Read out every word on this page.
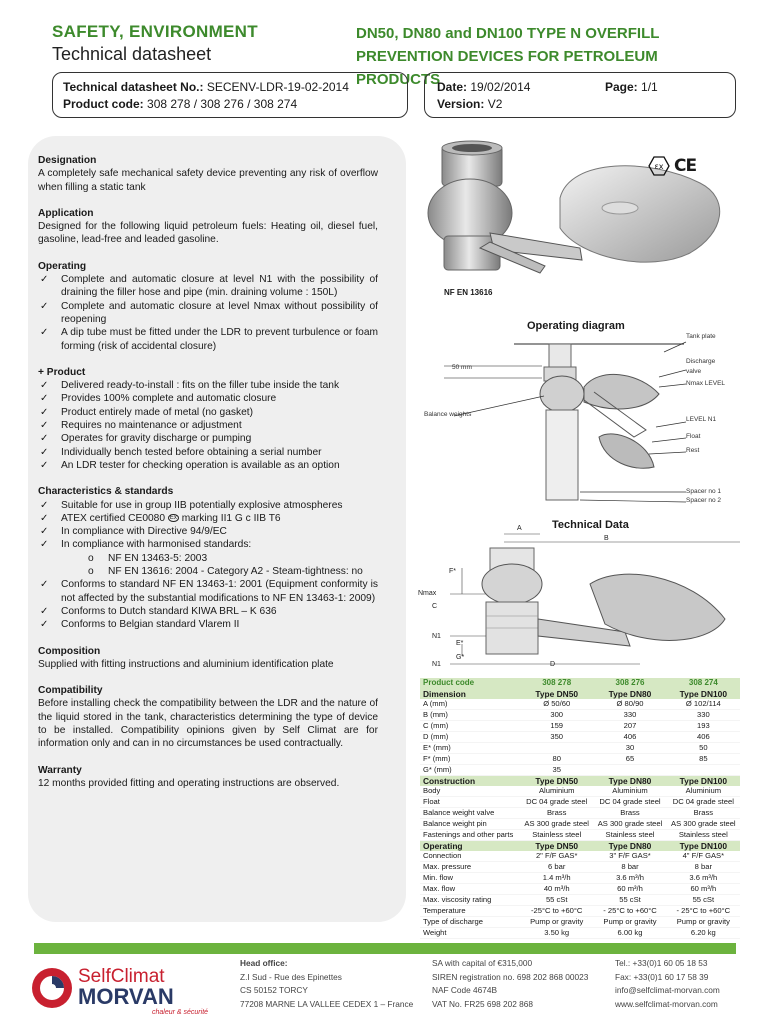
SAFETY, ENVIRONMENT
Technical datasheet
DN50, DN80 and DN100 TYPE N OVERFILL
PREVENTION DEVICES FOR PETROLEUM PRODUCTS
Technical datasheet No.: SECENV-LDR-19-02-2014
Product code: 308 278 / 308 276 / 308 274
Date: 19/02/2014	Page: 1/1
Version: V2
Designation
A completely safe mechanical safety device preventing any risk of overflow when filling a static tank
Application
Designed for the following liquid petroleum fuels: Heating oil, diesel fuel, gasoline, lead-free and leaded gasoline.
Operating
✓ Complete and automatic closure at level N1 with the possibility of draining the filler hose and pipe (min. draining volume : 150L)
✓ Complete and automatic closure at level Nmax without possibility of reopening
✓ A dip tube must be fitted under the LDR to prevent turbulence or foam forming (risk of accidental closure)
+ Product
✓ Delivered ready-to-install : fits on the filler tube inside the tank
✓ Provides 100% complete and automatic closure
✓ Product entirely made of metal (no gasket)
✓ Requires no maintenance or adjustment
✓ Operates for gravity discharge or pumping
✓ Individually bench tested before obtaining a serial number
✓ An LDR tester for checking operation is available as an option
Characteristics & standards
✓ Suitable for use in group IIB potentially explosive atmospheres
✓ ATEX certified CE0080 Ex marking II1 G c IIB T6
✓ In compliance with Directive 94/9/EC
✓ In compliance with harmonised standards:
o NF EN 13463-5: 2003
o NF EN 13616: 2004 - Category A2 - Steam-tightness: no
✓ Conforms to standard NF EN 13463-1: 2001 (Equipment conformity is not affected by the substantial modifications to NF EN 13463-1: 2009)
✓ Conforms to Dutch standard KIWA BRL – K 636
✓ Conforms to Belgian standard Vlarem II
Composition
Supplied with fitting instructions and aluminium identification plate
Compatibility
Before installing check the compatibility between the LDR and the nature of the liquid stored in the tank, characteristics determining the type of device to be installed. Compatibility opinions given by Self Climat are for information only and can in no circumstances be used contractually.
Warranty
12 months provided fitting and operating instructions are observed.
εx CE
NF EN 13616
Operating diagram
Tank plate
Discharge
valve
Nmax LEVEL
LEVEL N1
Float
Rest
Spacer no 1
Spacer no 2
50 mm
Balance weights
Technical Data
A
B
F*
Nmax
C
N1
E*
G*
D
N1
Product code	308 278	308 276	308 274
Dimension	Type DN50	Type DN80	Type DN100
A (mm)	Ø 50/60	Ø 80/90	Ø 102/114
B (mm)	300	330	330
C (mm)	159	207	193
D (mm)	350	406	406
E* (mm)		30	50
F* (mm)	80	65	85
G* (mm)	35		
Construction	Type DN50	Type DN80	Type DN100
Body	Aluminium	Aluminium	Aluminium
Float	DC 04 grade steel	DC 04 grade steel	DC 04 grade steel
Balance weight valve	Brass	Brass	Brass
Balance weight pin	AS 300 grade steel	AS 300 grade steel	AS 300 grade steel
Fastenings and other parts	Stainless steel	Stainless steel	Stainless steel
Operating	Type DN50	Type DN80	Type DN100
Connection	2" F/F GAS*	3" F/F GAS*	4" F/F GAS*
Max. pressure	6 bar	8 bar	8 bar
Min. flow	1.4 m³/h	3.6 m³/h	3.6 m³/h
Max. flow	40 m³/h	60 m³/h	60 m³/h
Max. viscosity rating	55 cSt	55 cSt	55 cSt
Temperature	-25°C to +60°C	- 25°C to +60°C	- 25°C to +60°C
Type of discharge	Pump or gravity	Pump or gravity	Pump or gravity
Weight	3.50 kg	6.00 kg	6.20 kg
SelfClimat
MORVAN
chaleur & sécurité
Head office:
Z.I Sud - Rue des Epinettes
CS 50152 TORCY
77208 MARNE LA VALLEE CEDEX 1 – France
SA with capital of €315,000
SIREN registration no. 698 202 868 00023
NAF Code 4674B
VAT No. FR25 698 202 868
Tel.: +33(0)1 60 05 18 53
Fax: +33(0)1 60 17 58 39
info@selfclimat-morvan.com
www.selfclimat-morvan.com
